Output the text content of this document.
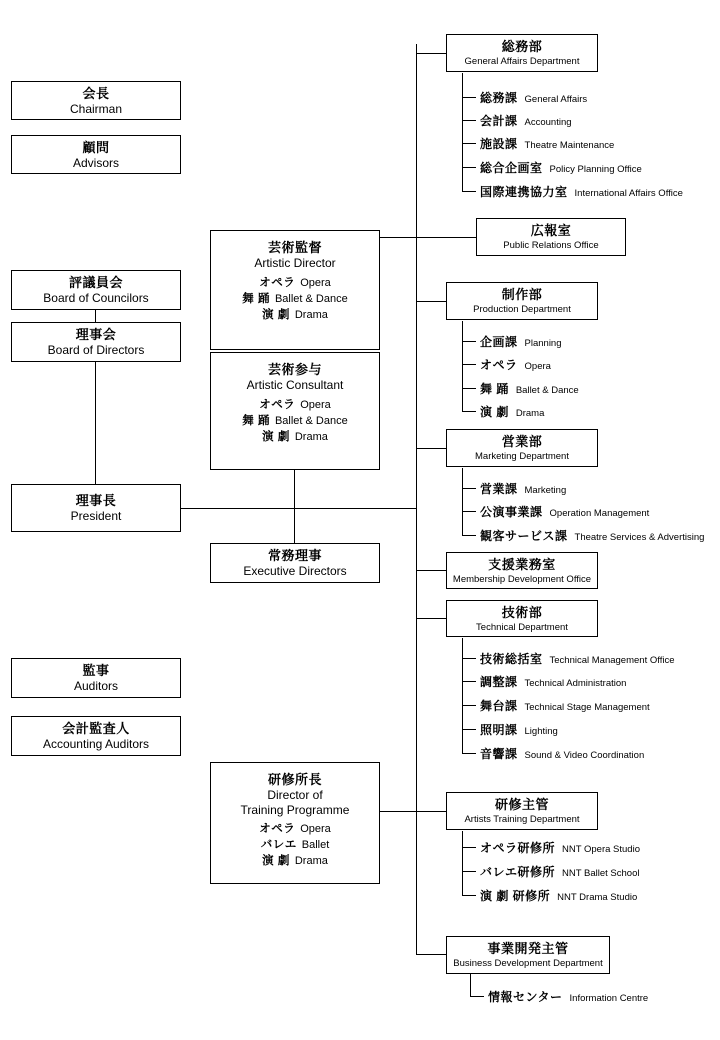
会長
Chairman
顧問
Advisors
評議員会
Board of Councilors
理事会
Board of Directors
理事長
President
監事
Auditors
会計監査人
Accounting Auditors
芸術監督
Artistic Director
オペラ Opera
舞 踊 Ballet & Dance
演 劇 Drama
芸術参与
Artistic Consultant
オペラ Opera
舞 踊 Ballet & Dance
演 劇 Drama
常務理事
Executive Directors
研修所長
Director of
Training Programme
オペラ Opera
バレエ Ballet
演 劇 Drama
総務部
General Affairs Department
広報室
Public Relations Office
制作部
Production Department
営業部
Marketing Department
支援業務室
Membership Development Office
技術部
Technical Department
研修主管
Artists Training Department
事業開発主管
Business Development Department
総務課 General Affairs
会計課 Accounting
施設課 Theatre Maintenance
総合企画室 Policy Planning Office
国際連携協力室 International Affairs Office
企画課 Planning
オペラ Opera
舞 踊 Ballet & Dance
演 劇 Drama
営業課 Marketing
公演事業課 Operation Management
観客サービス課 Theatre Services & Advertising
技術総括室 Technical Management Office
調整課 Technical Administration
舞台課 Technical Stage Management
照明課 Lighting
音響課 Sound & Video Coordination
オペラ研修所 NNT Opera Studio
バレエ研修所 NNT Ballet School
演 劇 研修所 NNT Drama Studio
情報センター Information Centre
